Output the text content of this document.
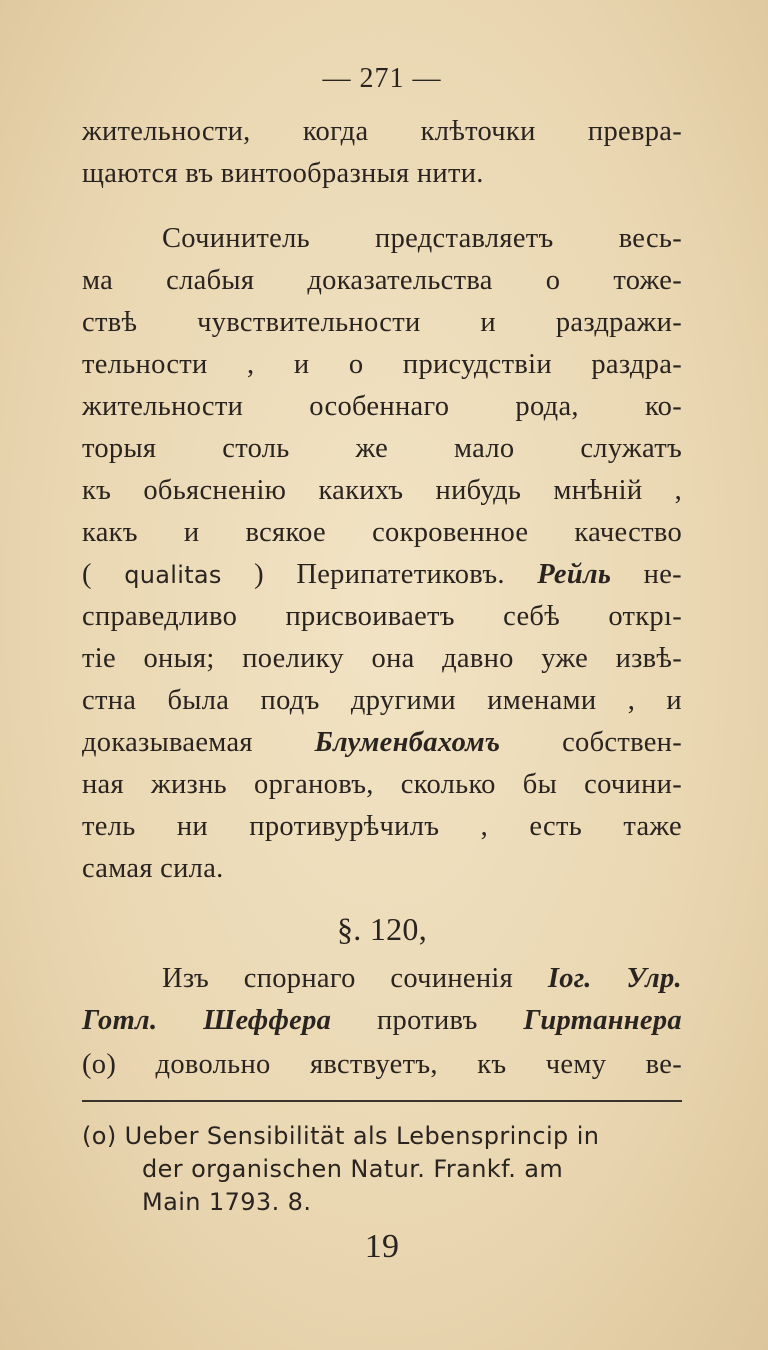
— 271 —
жительности, когда клѣточки превра-
щаются въ винтообразныя нити.
Сочинитель представляетъ весь-
ма слабыя доказательства о тоже-
ствѣ чувствительности и раздражи-
тельности , и о присудствіи раздра-
жительности особеннаго рода, ко-
торыя столь же мало служатъ
къ обьясненію какихъ нибудь мнѣній ,
какъ и всякое сокровенное качество
( qualitas ) Перипатетиковъ. Рейль не-
справедливо присвоиваетъ себѣ открı-
тіе оныя; поелику она давно уже извѣ-
стна была подъ другими именами , и
доказываемая Блуменбахомъ собствен-
ная жизнь органовъ, сколько бы сочини-
тель ни противурѣчилъ , есть таже
самая сила.
§. 120,
Изъ спорнаго сочиненія Іог. Улр.
Готл. Шеффера противъ Гиртаннера
(о) довольно явствуетъ, къ чему ве-
(o) Ueber Sensibilität als Lebensprincip in
der organischen Natur. Frankf. am
Main 1793. 8.
19
